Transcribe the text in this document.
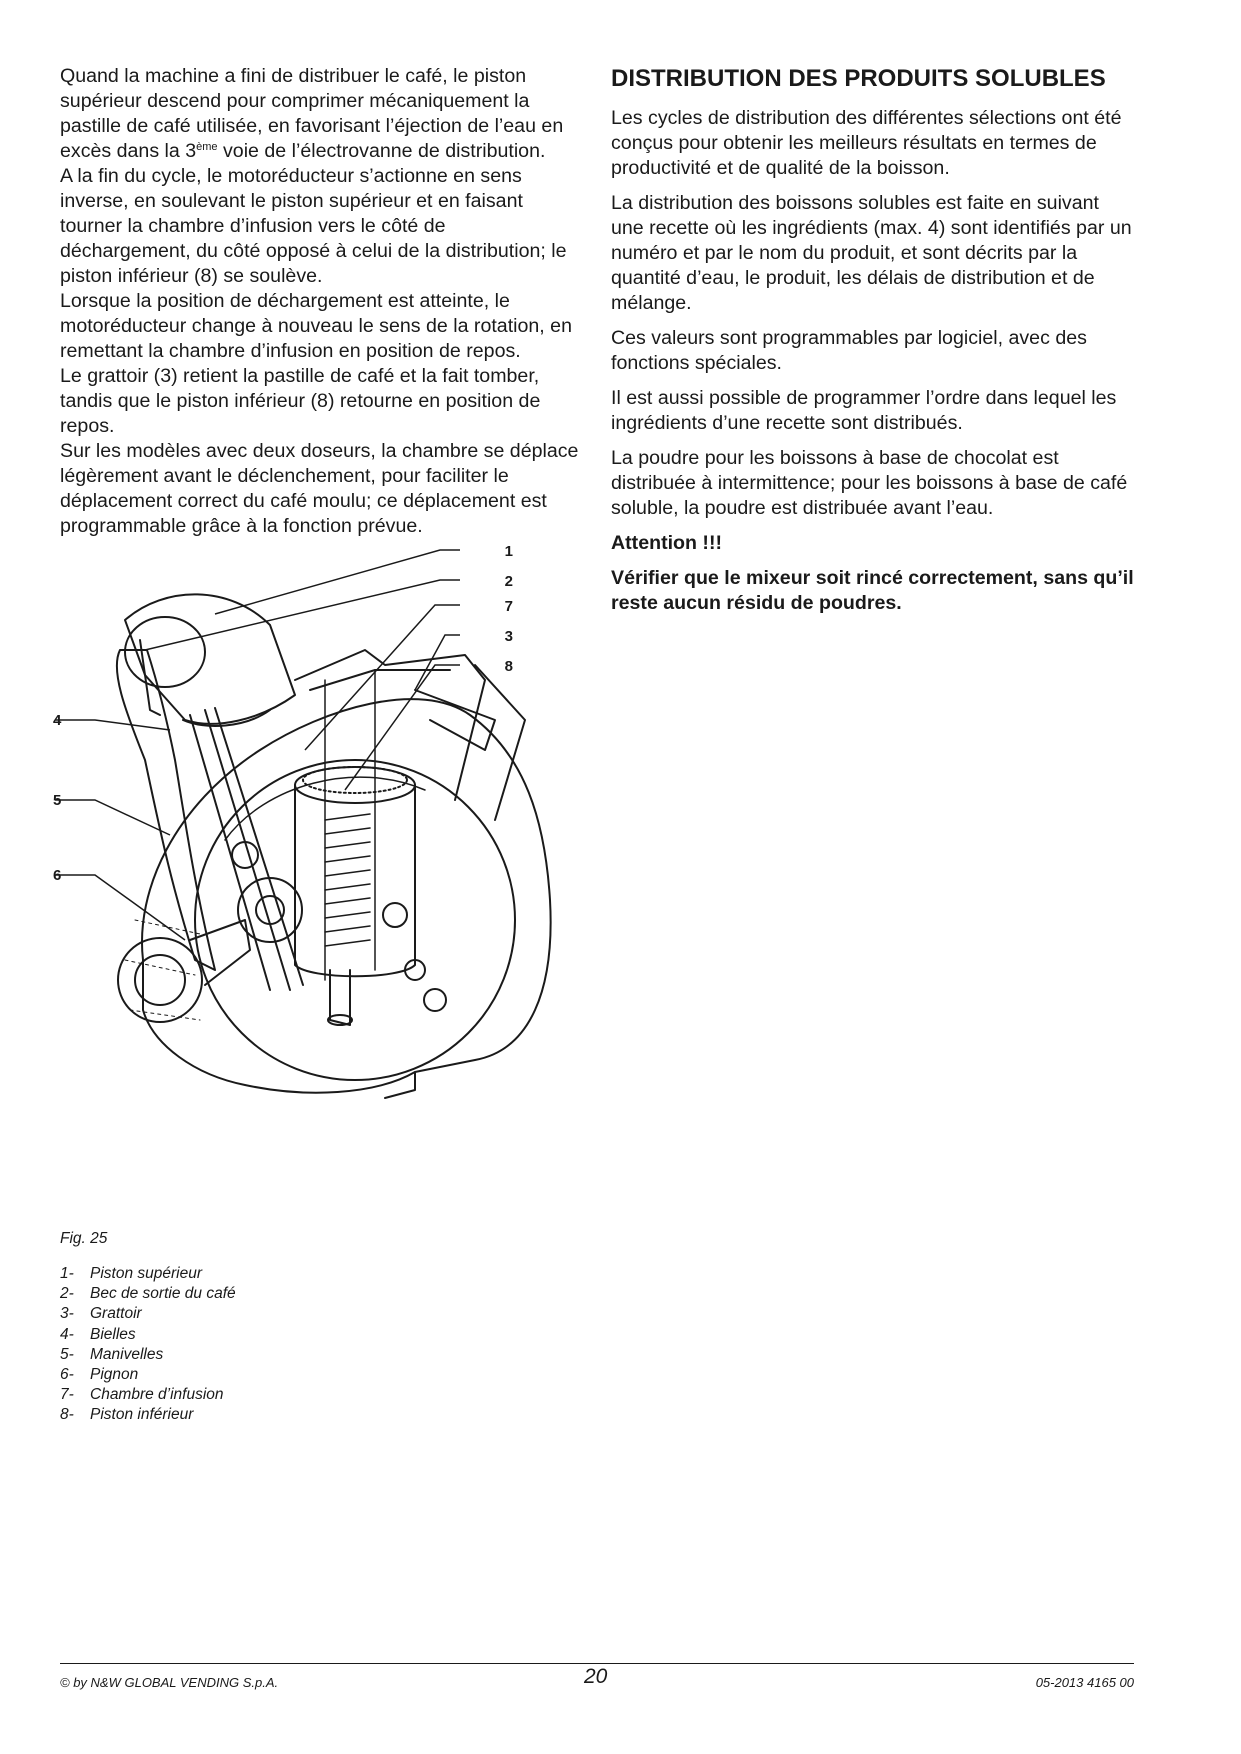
Quand la machine a fini de distribuer le café, le piston supérieur descend pour comprimer mécaniquement la pastille de café utilisée, en favorisant l’éjection de l’eau en excès dans la 3ème voie de l’électrovanne de distribution.

A la fin du cycle, le motoréducteur s’actionne en sens inverse, en soulevant le piston supérieur et en faisant tourner la chambre d’infusion vers le côté de déchargement, du côté opposé à celui de la distribution; le piston inférieur (8) se soulève.

Lorsque la position de déchargement est atteinte, le motoréducteur change à nouveau le sens de la rotation, en remettant la chambre d’infusion en position de repos.

Le grattoir (3) retient la pastille de café et la fait tomber, tandis que le piston inférieur (8) retourne en position de repos.

Sur les modèles avec deux doseurs, la chambre se déplace légèrement avant le déclenchement, pour faciliter le déplacement correct du café moulu; ce déplacement est programmable grâce à la fonction prévue.

DISTRIBUTION DES PRODUITS SOLUBLES

Les cycles de distribution des différentes sélections ont été conçus pour obtenir les meilleurs résultats en termes de productivité et de qualité de la boisson.

La distribution des boissons solubles est faite en suivant une recette où les ingrédients (max. 4) sont identifiés par un numéro et par le nom du produit, et sont décrits par la quantité d’eau, le produit, les délais de distribution et de mélange.

Ces valeurs sont programmables par logiciel, avec des fonctions spéciales.

Il est aussi possible de programmer l’ordre dans lequel les ingrédients d’une recette sont distribués.

La poudre pour les boissons à base de chocolat est distribuée à intermittence; pour les boissons à base de café soluble, la poudre est distribuée avant l’eau.

Attention !!!

Vérifier que le mixeur soit rincé correctement, sans qu’il reste aucun résidu de poudres.

1
2
7
3
8
4
5
6
Fig. 25
1-	Piston supérieur
2-	Bec de sortie du café
3-	Grattoir
4-	Bielles
5-	Manivelles
6-	Pignon
7-	Chambre d’infusion
8-	Piston inférieur
© by N&W GLOBAL VENDING S.p.A.	20	05-2013 4165 00
